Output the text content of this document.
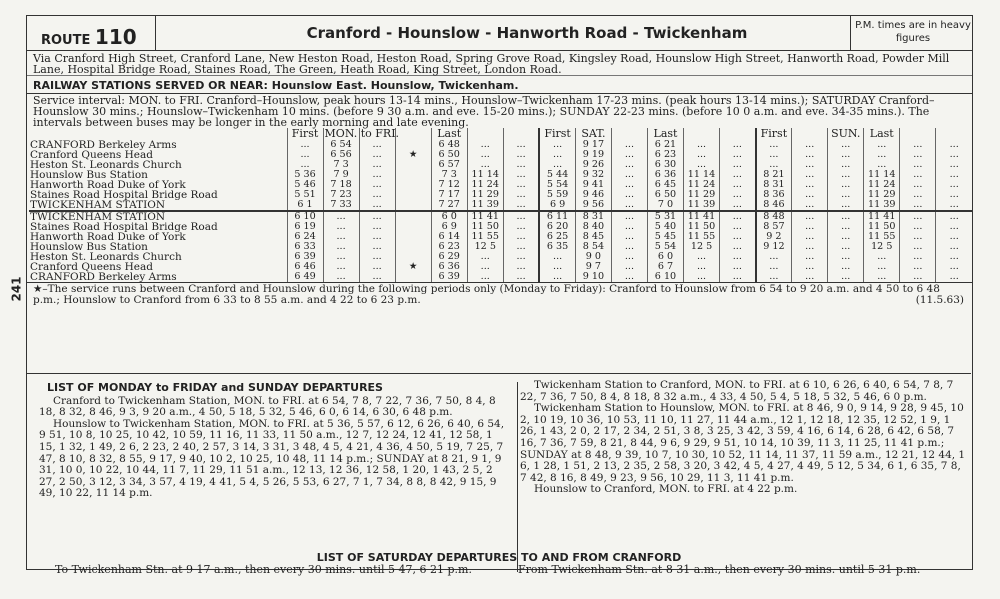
241
ROUTE 110	Cranford - Hounslow - Hanworth Road - Twickenham	P.M. times are in heavy figures
Via Cranford High Street, Cranford Lane, New Heston Road, Heston Road, Spring Grove Road, Kingsley Road, Hounslow High Street, Hanworth Road, Powder Mill Lane, Hospital Bridge Road, Staines Road, The Green, Heath Road, King Street, London Road.
RAILWAY STATIONS SERVED OR NEAR: Hounslow East. Hounslow, Twickenham.
Service interval: MON. to FRI. Cranford–Hounslow, peak hours 13-14 mins., Hounslow–Twickenham 17-23 mins. (peak hours 13-14 mins.); SATURDAY Cranford–Hounslow 30 mins.; Hounslow–Twickenham 10 mins. (before 9 30 a.m. and eve. 15-20 mins.); SUNDAY 22-23 mins. (before 10 0 a.m. and eve. 34-35 mins.). The intervals between buses may be longer in the early morning and late evening.
	First	MON. to FRI.			Last			First	SAT.		Last			First		SUN.	Last		
CRANFORD Berkeley Arms	...	6 54	...		6 48	...	...	...	9 17	...	6 21	...	...	...	...	...	...	...	...
Cranford Queens Head	...	6 56	...	★	6 50	...	...	...	9 19	...	6 23	...	...	...	...	...	...	...	...
Heston St. Leonards Church	...	7 3	...		6 57	...	...	...	9 26	...	6 30	...	...	...	...	...	...	...	...
Hounslow Bus Station	5 36	7 9	...		7 3	11 14	...	5 44	9 32	...	6 36	11 14	...	8 21	...	...	11 14	...	...
Hanworth Road Duke of York	5 46	7 18	...		7 12	11 24	...	5 54	9 41	...	6 45	11 24	...	8 31	...	...	11 24	...	...
Staines Road Hospital Bridge Road	5 51	7 23	...		7 17	11 29	...	5 59	9 46	...	6 50	11 29	...	8 36	...	...	11 29	...	...
TWICKENHAM STATION	6 1	7 33	...		7 27	11 39	...	6 9	9 56	...	7 0	11 39	...	8 46	...	...	11 39	...	...
TWICKENHAM STATION	6 10	...	...		6 0	11 41	...	6 11	8 31	...	5 31	11 41	...	8 48	...	...	11 41	...	...
Staines Road Hospital Bridge Road	6 19	...	...		6 9	11 50	...	6 20	8 40	...	5 40	11 50	...	8 57	...	...	11 50	...	...
Hanworth Road Duke of York	6 24	...	...		6 14	11 55	...	6 25	8 45	...	5 45	11 55	...	9 2	...	...	11 55	...	...
Hounslow Bus Station	6 33	...	...		6 23	12 5	...	6 35	8 54	...	5 54	12 5	...	9 12	...	...	12 5	...	...
Heston St. Leonards Church	6 39	...	...		6 29	...	...	...	9 0	...	6 0	...	...	...	...	...	...	...	...
Cranford Queens Head	6 46	...	...	★	6 36	...	...	...	9 7	...	6 7	...	...	...	...	...	...	...	...
CRANFORD Berkeley Arms	6 49	...	...		6 39	...	...	...	9 10	...	6 10	...	...	...	...	...	...	...	...
★–The service runs between Cranford and Hounslow during the following periods only (Monday to Friday): Cranford to Hounslow from 6 54 to 9 20 a.m. and 4 50 to 6 48 p.m.; Hounslow to Cranford from 6 33 to 8 55 a.m. and 4 22 to 6 23 p.m.	(11.5.63)
LIST OF MONDAY to FRIDAY and SUNDAY DEPARTURES

Cranford to Twickenham Station, MON. to FRI. at 6 54, 7 8, 7 22, 7 36, 7 50, 8 4, 8 18, 8 32, 8 46, 9 3, 9 20 a.m., 4 50, 5 18, 5 32, 5 46, 6 0, 6 14, 6 30, 6 48 p.m.

Hounslow to Twickenham Station, MON. to FRI. at 5 36, 5 57, 6 12, 6 26, 6 40, 6 54, 9 51, 10 8, 10 25, 10 42, 10 59, 11 16, 11 33, 11 50 a.m., 12 7, 12 24, 12 41, 12 58, 1 15, 1 32, 1 49, 2 6, 2 23, 2 40, 2 57, 3 14, 3 31, 3 48, 4 5, 4 21, 4 36, 4 50, 5 19, 7 25, 7 47, 8 10, 8 32, 8 55, 9 17, 9 40, 10 2, 10 25, 10 48, 11 14 p.m.; SUNDAY at 8 21, 9 1, 9 31, 10 0, 10 22, 10 44, 11 7, 11 29, 11 51 a.m., 12 13, 12 36, 12 58, 1 20, 1 43, 2 5, 2 27, 2 50, 3 12, 3 34, 3 57, 4 19, 4 41, 5 4, 5 26, 5 53, 6 27, 7 1, 7 34, 8 8, 8 42, 9 15, 9 49, 10 22, 11 14 p.m.

Twickenham Station to Cranford, MON. to FRI. at 6 10, 6 26, 6 40, 6 54, 7 8, 7 22, 7 36, 7 50, 8 4, 8 18, 8 32 a.m., 4 33, 4 50, 5 4, 5 18, 5 32, 5 46, 6 0 p.m.

Twickenham Station to Hounslow, MON. to FRI. at 8 46, 9 0, 9 14, 9 28, 9 45, 10 2, 10 19, 10 36, 10 53, 11 10, 11 27, 11 44 a.m., 12 1, 12 18, 12 35, 12 52, 1 9, 1 26, 1 43, 2 0, 2 17, 2 34, 2 51, 3 8, 3 25, 3 42, 3 59, 4 16, 6 14, 6 28, 6 42, 6 58, 7 16, 7 36, 7 59, 8 21, 8 44, 9 6, 9 29, 9 51, 10 14, 10 39, 11 3, 11 25, 11 41 p.m.; SUNDAY at 8 48, 9 39, 10 7, 10 30, 10 52, 11 14, 11 37, 11 59 a.m., 12 21, 12 44, 1 6, 1 28, 1 51, 2 13, 2 35, 2 58, 3 20, 3 42, 4 5, 4 27, 4 49, 5 12, 5 34, 6 1, 6 35, 7 8, 7 42, 8 16, 8 49, 9 23, 9 56, 10 29, 11 3, 11 41 p.m.

Hounslow to Cranford, MON. to FRI. at 4 22 p.m.

LIST OF SATURDAY DEPARTURES TO AND FROM CRANFORD
To Twickenham Stn. at 9 17 a.m., then every 30 mins. until 5 47, 6 21 p.m.	From Twickenham Stn. at 8 31 a.m., then every 30 mins. until 5 31 p.m.
